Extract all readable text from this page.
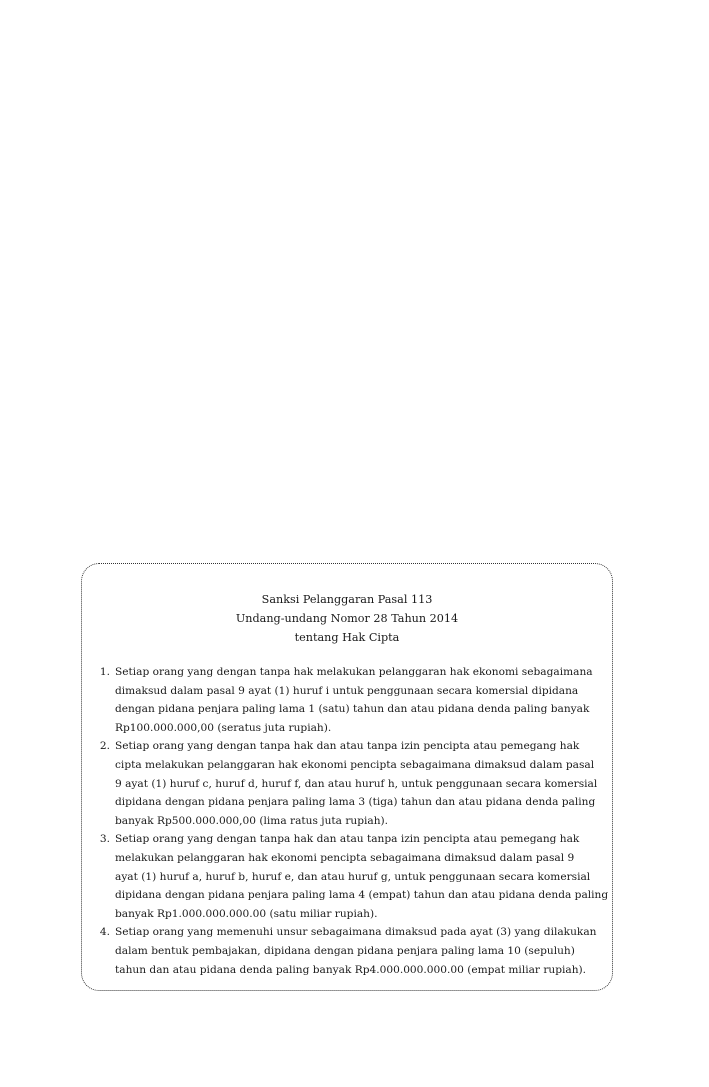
Sanksi Pelanggaran Pasal 113
Undang-undang Nomor 28 Tahun 2014
tentang Hak Cipta
1. Setiap orang yang dengan tanpa hak melakukan pelanggaran hak ekonomi sebagaimana
dimaksud dalam pasal 9 ayat (1) huruf i untuk penggunaan secara komersial dipidana
dengan pidana penjara paling lama 1 (satu) tahun dan atau pidana denda paling banyak
Rp100.000.000,00 (seratus juta rupiah).
2. Setiap orang yang dengan tanpa hak dan atau tanpa izin pencipta atau pemegang hak
cipta melakukan pelanggaran hak ekonomi pencipta sebagaimana dimaksud dalam pasal
9 ayat (1) huruf c, huruf d, huruf f, dan atau huruf h, untuk penggunaan secara komersial
dipidana dengan pidana penjara paling lama 3 (tiga) tahun dan atau pidana denda paling
banyak Rp500.000.000,00 (lima ratus juta rupiah).
3. Setiap orang yang dengan tanpa hak dan atau tanpa izin pencipta atau pemegang hak
melakukan pelanggaran hak ekonomi pencipta sebagaimana dimaksud dalam pasal 9
ayat (1) huruf a, huruf b, huruf e, dan atau huruf g, untuk penggunaan secara komersial
dipidana dengan pidana penjara paling lama 4 (empat) tahun dan atau pidana denda paling
banyak Rp1.000.000.000.00 (satu miliar rupiah).
4. Setiap orang yang memenuhi unsur sebagaimana dimaksud pada ayat (3) yang dilakukan
dalam bentuk pembajakan, dipidana dengan pidana penjara paling lama 10 (sepuluh)
tahun dan atau pidana denda paling banyak Rp4.000.000.000.00 (empat miliar rupiah).
